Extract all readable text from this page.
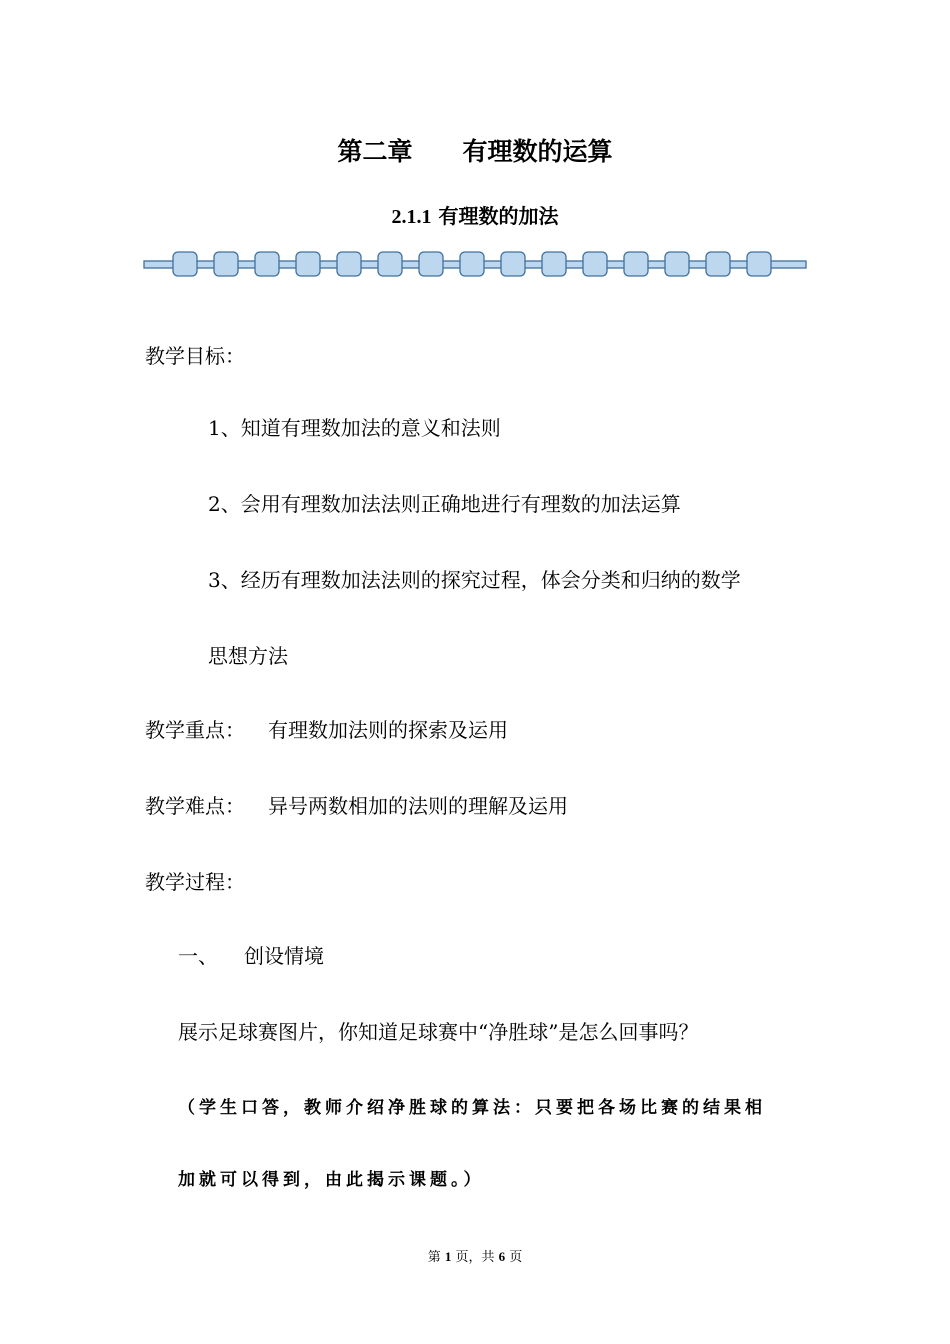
第二章 有理数的运算
2.1.1 有理数的加法
教学目标：
1、知道有理数加法的意义和法则
2、会用有理数加法法则正确地进行有理数的加法运算
3、经历有理数加法法则的探究过程，体会分类和归纳的数学
思想方法
教学重点： 有理数加法则的探索及运用
教学难点： 异号两数相加的法则的理解及运用
教学过程：
一、 创设情境
展示足球赛图片，你知道足球赛中“净胜球”是怎么回事吗？
（学生口答，教师介绍净胜球的算法：只要把各场比赛的结果相
加就可以得到，由此揭示课题。）
第 1 页，共 6 页
